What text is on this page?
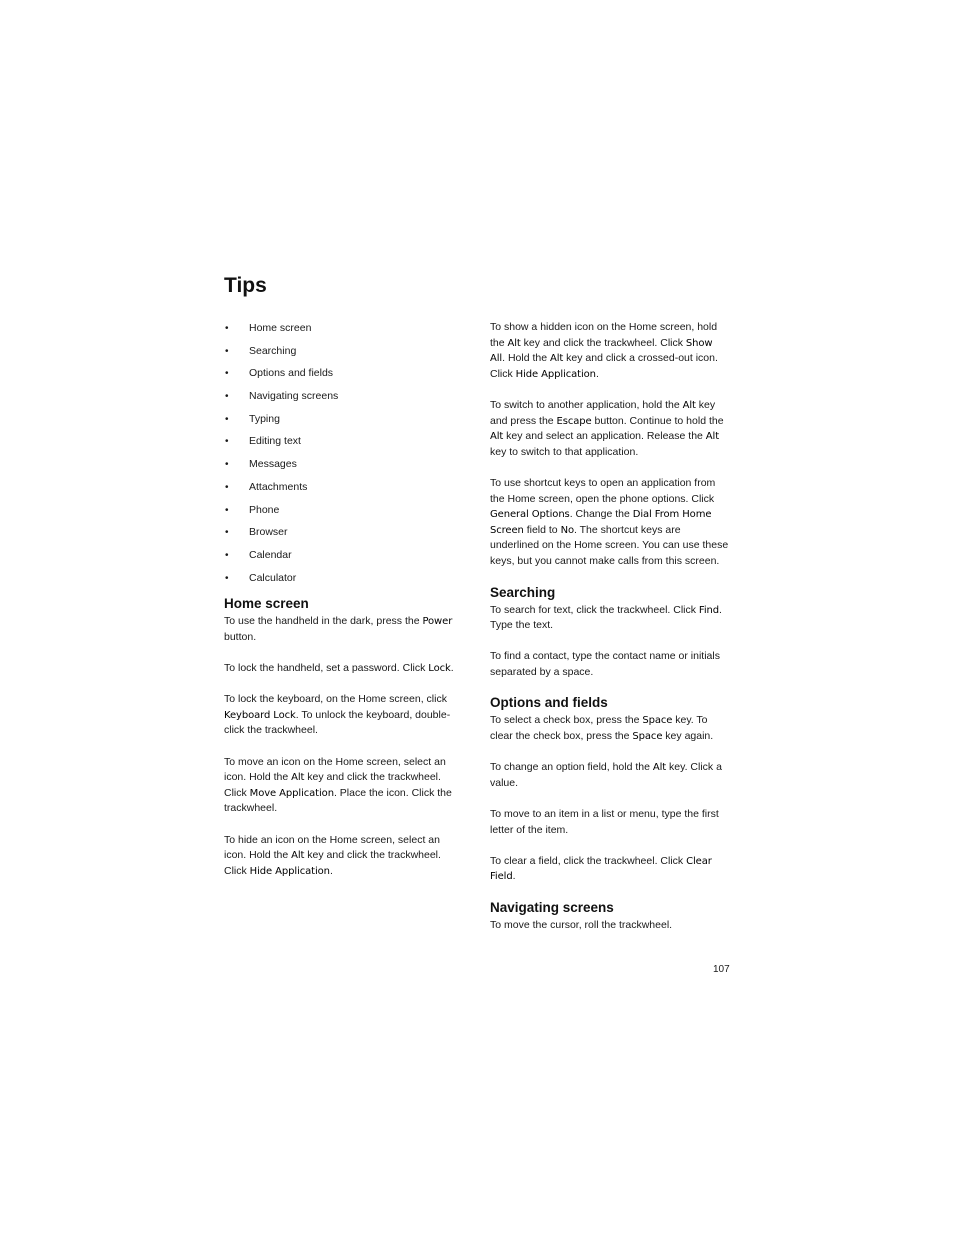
Tips
• Home screen
• Searching
• Options and fields
• Navigating screens
• Typing
• Editing text
• Messages
• Attachments
• Phone
• Browser
• Calendar
• Calculator
Home screen

To use the handheld in the dark, press the Power button.

To lock the handheld, set a password. Click Lock.

To lock the keyboard, on the Home screen, click Keyboard Lock. To unlock the keyboard, double-click the trackwheel.

To move an icon on the Home screen, select an icon. Hold the Alt key and click the trackwheel. Click Move Application. Place the icon. Click the trackwheel.

To hide an icon on the Home screen, select an icon. Hold the Alt key and click the trackwheel. Click Hide Application.

To show a hidden icon on the Home screen, hold the Alt key and click the trackwheel. Click Show All. Hold the Alt key and click a crossed-out icon. Click Hide Application.

To switch to another application, hold the Alt key and press the Escape button. Continue to hold the Alt key and select an application. Release the Alt key to switch to that application.

To use shortcut keys to open an application from the Home screen, open the phone options. Click General Options. Change the Dial From Home Screen field to No. The shortcut keys are underlined on the Home screen. You can use these keys, but you cannot make calls from this screen.

Searching

To search for text, click the trackwheel. Click Find. Type the text.

To find a contact, type the contact name or initials separated by a space.

Options and fields

To select a check box, press the Space key. To clear the check box, press the Space key again.

To change an option field, hold the Alt key. Click a value.

To move to an item in a list or menu, type the first letter of the item.

To clear a field, click the trackwheel. Click Clear Field.

Navigating screens

To move the cursor, roll the trackwheel.

107
